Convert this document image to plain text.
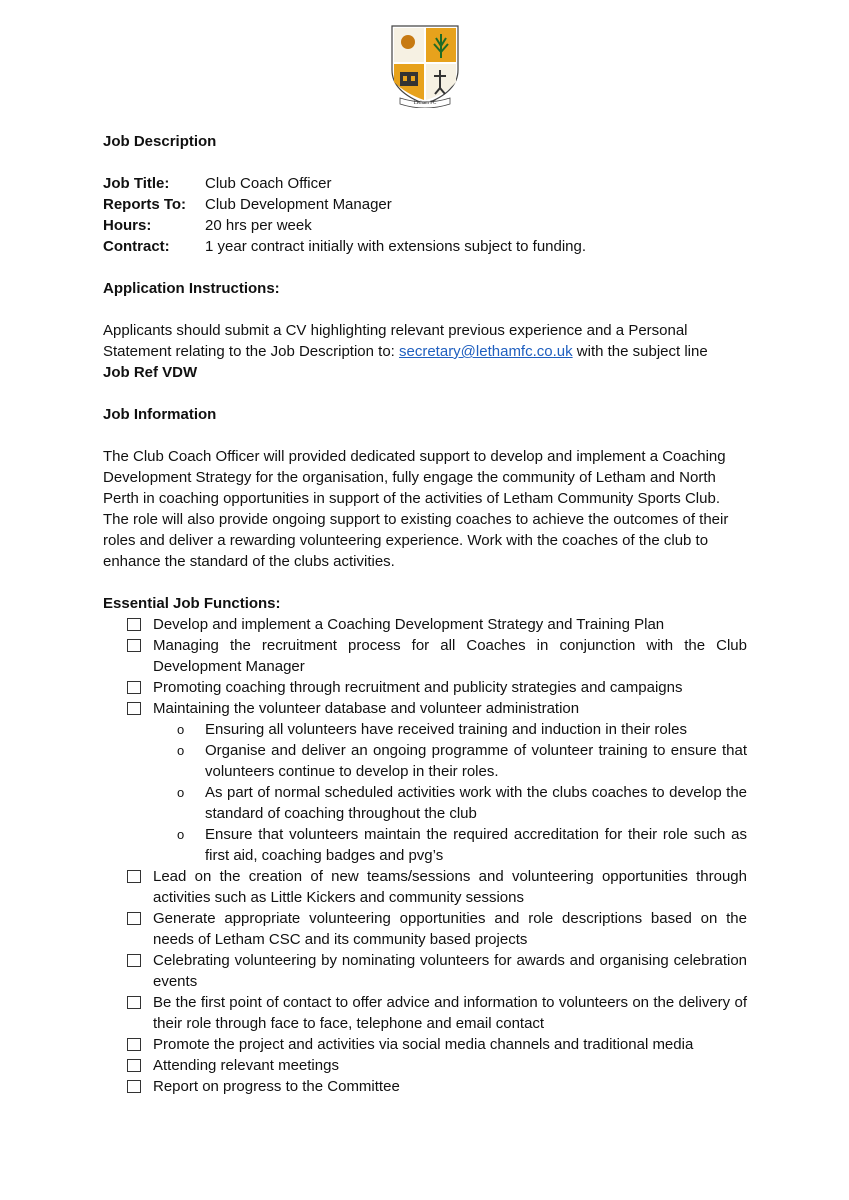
Letham FC
Job Description
Job Title:	Club Coach Officer
Reports To:	Club Development Manager
Hours:	20 hrs per week
Contract:	1 year contract initially with extensions subject to funding.
Application Instructions:

Applicants should submit a CV highlighting relevant previous experience and a Personal Statement relating to the Job Description to: secretary@lethamfc.co.uk with the subject line
Job Ref VDW

Job Information

The Club Coach Officer will provided dedicated support to develop and implement a Coaching Development Strategy for the organisation, fully engage the community of Letham and North Perth in coaching opportunities in support of the activities of Letham Community Sports Club. The role will also provide ongoing support to existing coaches to achieve the outcomes of their roles and deliver a rewarding volunteering experience. Work with the coaches of the club to enhance the standard of the clubs activities.

Essential Job Functions:
Develop and implement a Coaching Development Strategy and Training Plan
Managing the recruitment process for all Coaches in conjunction with the Club Development Manager
Promoting coaching through recruitment and publicity strategies and campaigns
Maintaining the volunteer database and volunteer administration
o	Ensuring all volunteers have received training and induction in their roles
o	Organise and deliver an ongoing programme of volunteer training to ensure that volunteers continue to develop in their roles.
o	As part of normal scheduled activities work with the clubs coaches to develop the standard of coaching throughout the club
o	Ensure that volunteers maintain the required accreditation for their role such as first aid, coaching badges and pvg’s
Lead on the creation of new teams/sessions and volunteering opportunities through activities such as Little Kickers and community sessions
Generate appropriate volunteering opportunities and role descriptions based on the needs of Letham CSC and its community based projects
Celebrating volunteering by nominating volunteers for awards and organising celebration events
Be the first point of contact to offer advice and information to volunteers on the delivery of their role through face to face, telephone and email contact
Promote the project and activities via social media channels and traditional media
Attending relevant meetings
Report on progress to the Committee
